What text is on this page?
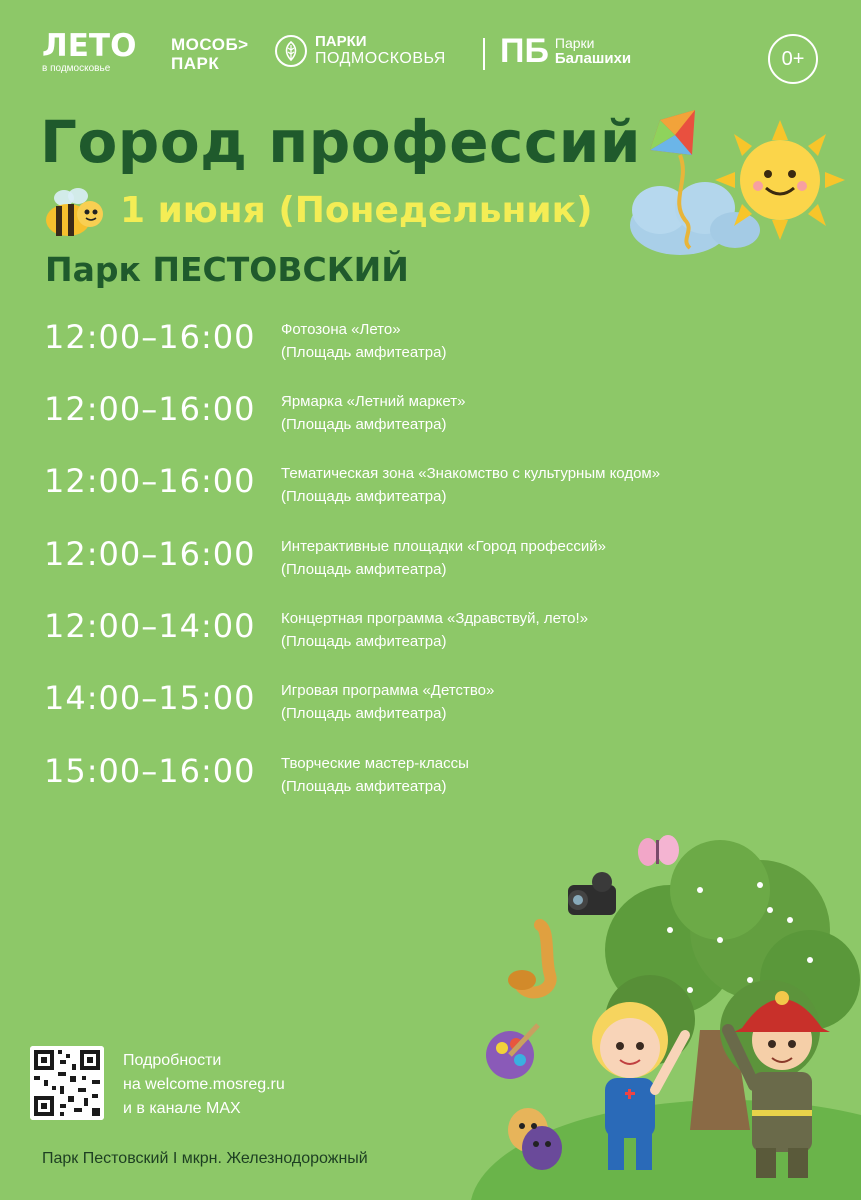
ЛЕТО
в подмосковье
МОСОБ>
ПАРК
ПАРКИ
ПОДМОСКОВЬЯ ПБ Парки
Балашихи	0+
Город профессий
1 июня (Понедельник)
Парк ПЕСТОВСКИЙ
12:00–16:00 Фотозона «Лето»
(Площадь амфитеатра)
12:00–16:00 Ярмарка «Летний маркет»
(Площадь амфитеатра)
12:00–16:00 Тематическая зона «Знакомство с культурным кодом»
(Площадь амфитеатра)
12:00–16:00 Интерактивные площадки «Город профессий»
(Площадь амфитеатра)
12:00–14:00 Концертная программа «Здравствуй, лето!»
(Площадь амфитеатра)
14:00–15:00 Игровая программа «Детство»
(Площадь амфитеатра)
15:00–16:00 Творческие мастер-классы
(Площадь амфитеатра)
Подробности
на welcome.mosreg.ru
и в канале MAX
Парк Пестовский I мкрн. Железнодорожный
